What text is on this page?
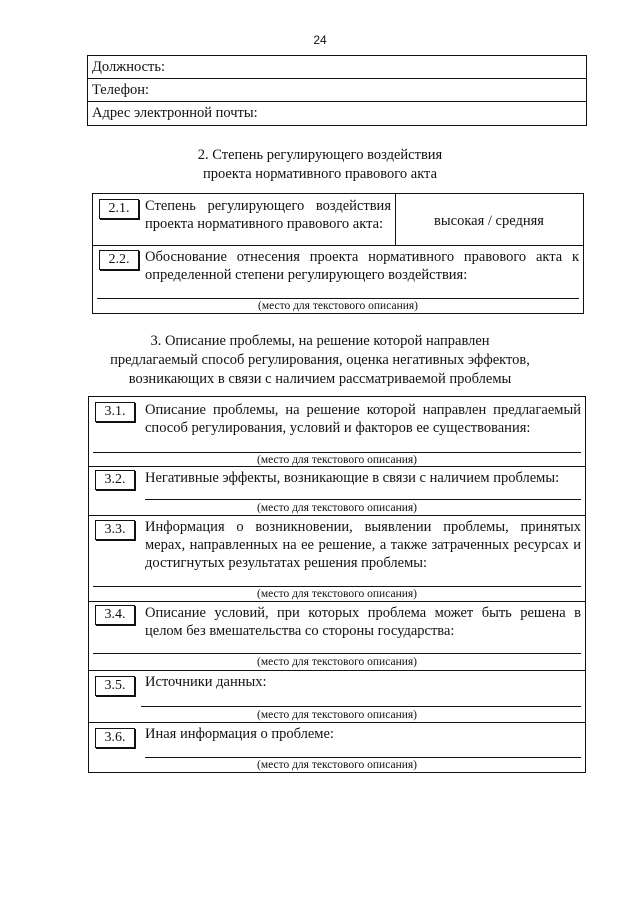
24
Должность:
Телефон:
Адрес электронной почты:
2. Степень регулирующего воздействия
проекта нормативного правового акта
2.1.	Степень регулирующего воздействия проекта нормативного правового акта:	высокая / средняя
2.2.	Обоснование отнесения проекта нормативного правового акта к определенной степени регулирующего воздействия:
(место для текстового описания)
3. Описание проблемы, на решение которой направлен
предлагаемый способ регулирования, оценка негативных эффектов,
возникающих в связи с наличием рассматриваемой проблемы
3.1.	Описание проблемы, на решение которой направлен предлагаемый способ регулирования, условий и факторов ее существования:
(место для текстового описания)
3.2.	Негативные эффекты, возникающие в связи с наличием проблемы:
(место для текстового описания)
3.3.	Информация о возникновении, выявлении проблемы, принятых мерах, направленных на ее решение, а также затраченных ресурсах и достигнутых результатах решения проблемы:
(место для текстового описания)
3.4.	Описание условий, при которых проблема может быть решена в целом без вмешательства со стороны государства:
(место для текстового описания)
3.5.	Источники данных:
(место для текстового описания)
3.6.	Иная информация о проблеме:
(место для текстового описания)
